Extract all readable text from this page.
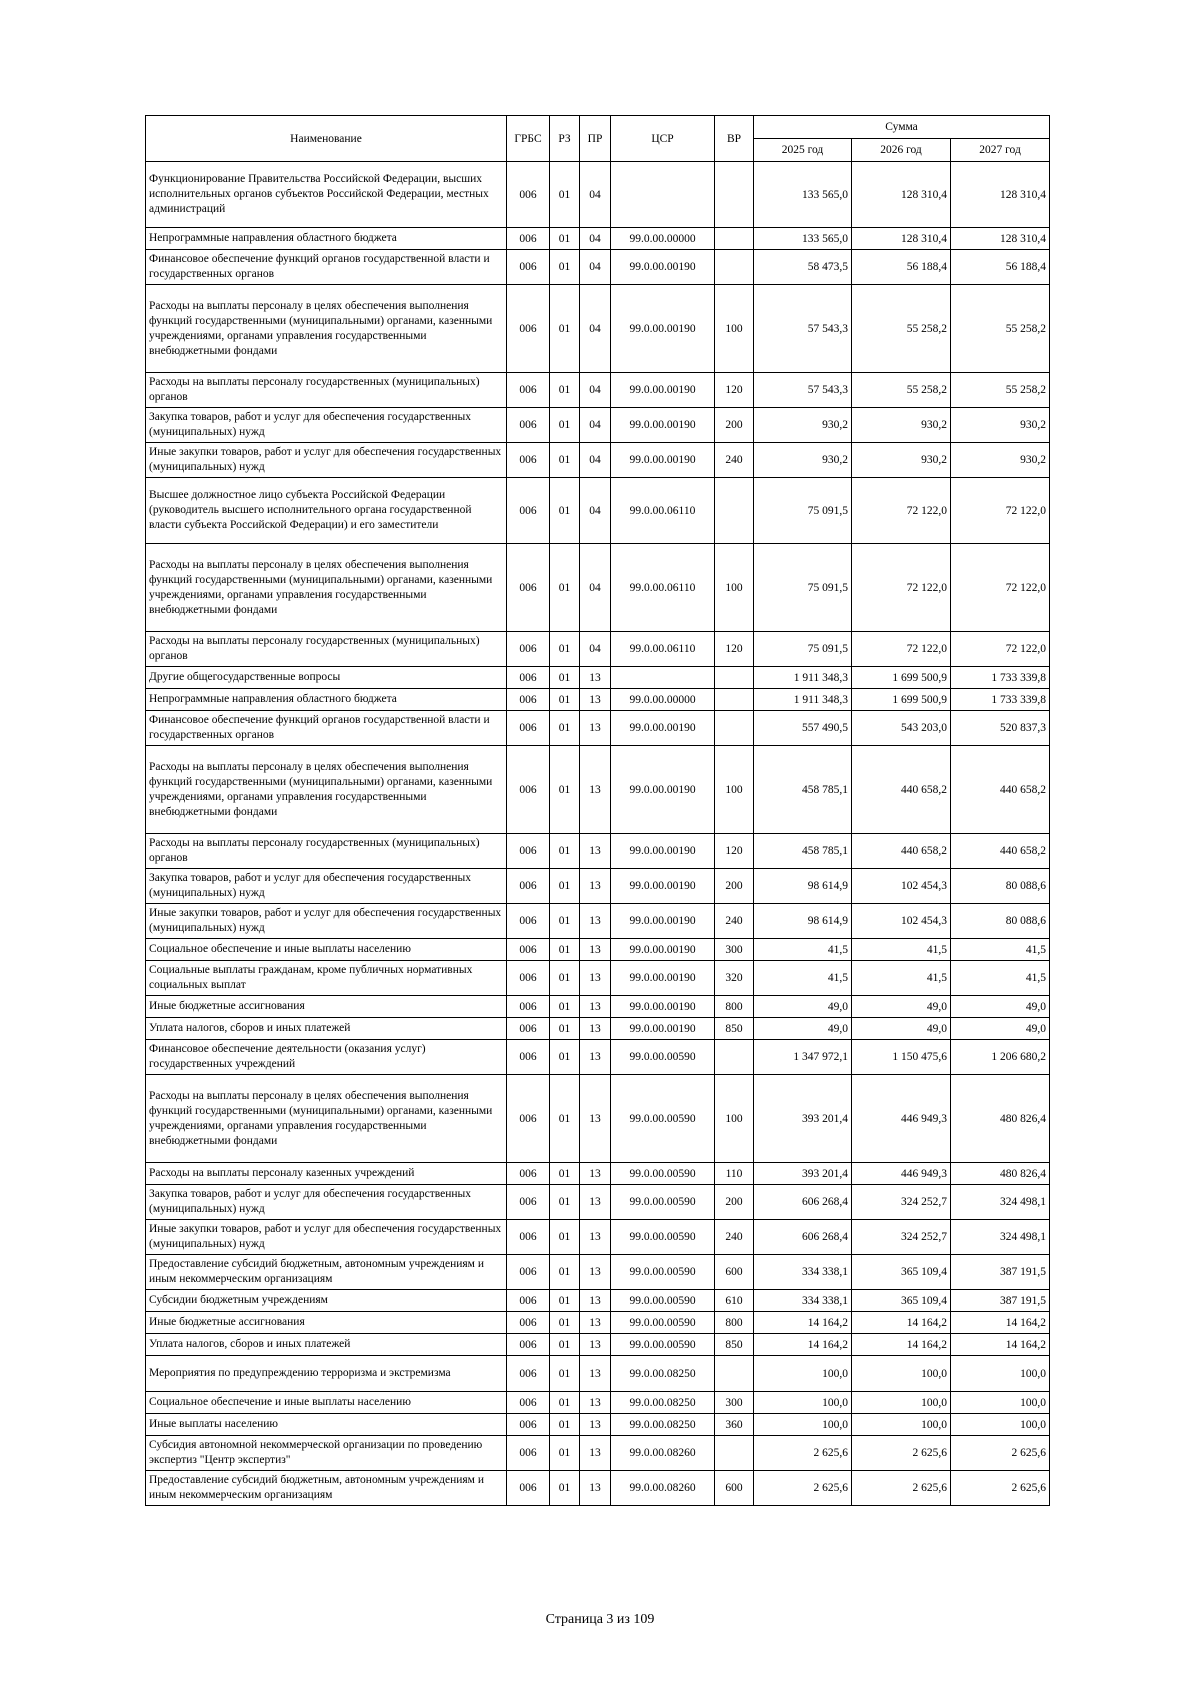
Наименование	ГРБС	РЗ	ПР	ЦСР	ВР	Сумма		
						2025 год	2026 год	2027 год
Функционирование Правительства Российской Федерации, высших исполнительных органов субъектов Российской Федерации, местных администраций	006	01	04			133 565,0	128 310,4	128 310,4
Непрограммные направления областного бюджета	006	01	04	99.0.00.00000		133 565,0	128 310,4	128 310,4
Финансовое обеспечение функций органов государственной власти и государственных органов	006	01	04	99.0.00.00190		58 473,5	56 188,4	56 188,4
Расходы на выплаты персоналу в целях обеспечения выполнения функций государственными (муниципальными) органами, казенными учреждениями, органами управления государственными внебюджетными фондами	006	01	04	99.0.00.00190	100	57 543,3	55 258,2	55 258,2
Расходы на выплаты персоналу государственных (муниципальных) органов	006	01	04	99.0.00.00190	120	57 543,3	55 258,2	55 258,2
Закупка товаров, работ и услуг для обеспечения государственных (муниципальных) нужд	006	01	04	99.0.00.00190	200	930,2	930,2	930,2
Иные закупки товаров, работ и услуг для обеспечения государственных (муниципальных) нужд	006	01	04	99.0.00.00190	240	930,2	930,2	930,2
Высшее должностное лицо субъекта Российской Федерации (руководитель высшего исполнительного органа государственной власти субъекта Российской Федерации) и его заместители	006	01	04	99.0.00.06110		75 091,5	72 122,0	72 122,0
Расходы на выплаты персоналу в целях обеспечения выполнения функций государственными (муниципальными) органами, казенными учреждениями, органами управления государственными внебюджетными фондами	006	01	04	99.0.00.06110	100	75 091,5	72 122,0	72 122,0
Расходы на выплаты персоналу государственных (муниципальных) органов	006	01	04	99.0.00.06110	120	75 091,5	72 122,0	72 122,0
Другие общегосударственные вопросы	006	01	13			1 911 348,3	1 699 500,9	1 733 339,8
Непрограммные направления областного бюджета	006	01	13	99.0.00.00000		1 911 348,3	1 699 500,9	1 733 339,8
Финансовое обеспечение функций органов государственной власти и государственных органов	006	01	13	99.0.00.00190		557 490,5	543 203,0	520 837,3
Расходы на выплаты персоналу в целях обеспечения выполнения функций государственными (муниципальными) органами, казенными учреждениями, органами управления государственными внебюджетными фондами	006	01	13	99.0.00.00190	100	458 785,1	440 658,2	440 658,2
Расходы на выплаты персоналу государственных (муниципальных) органов	006	01	13	99.0.00.00190	120	458 785,1	440 658,2	440 658,2
Закупка товаров, работ и услуг для обеспечения государственных (муниципальных) нужд	006	01	13	99.0.00.00190	200	98 614,9	102 454,3	80 088,6
Иные закупки товаров, работ и услуг для обеспечения государственных (муниципальных) нужд	006	01	13	99.0.00.00190	240	98 614,9	102 454,3	80 088,6
Социальное обеспечение и иные выплаты населению	006	01	13	99.0.00.00190	300	41,5	41,5	41,5
Социальные выплаты гражданам, кроме публичных нормативных социальных выплат	006	01	13	99.0.00.00190	320	41,5	41,5	41,5
Иные бюджетные ассигнования	006	01	13	99.0.00.00190	800	49,0	49,0	49,0
Уплата налогов, сборов и иных платежей	006	01	13	99.0.00.00190	850	49,0	49,0	49,0
Финансовое обеспечение деятельности (оказания услуг) государственных учреждений	006	01	13	99.0.00.00590		1 347 972,1	1 150 475,6	1 206 680,2
Расходы на выплаты персоналу в целях обеспечения выполнения функций государственными (муниципальными) органами, казенными учреждениями, органами управления государственными внебюджетными фондами	006	01	13	99.0.00.00590	100	393 201,4	446 949,3	480 826,4
Расходы на выплаты персоналу казенных учреждений	006	01	13	99.0.00.00590	110	393 201,4	446 949,3	480 826,4
Закупка товаров, работ и услуг для обеспечения государственных (муниципальных) нужд	006	01	13	99.0.00.00590	200	606 268,4	324 252,7	324 498,1
Иные закупки товаров, работ и услуг для обеспечения государственных (муниципальных) нужд	006	01	13	99.0.00.00590	240	606 268,4	324 252,7	324 498,1
Предоставление субсидий бюджетным, автономным учреждениям и иным некоммерческим организациям	006	01	13	99.0.00.00590	600	334 338,1	365 109,4	387 191,5
Субсидии бюджетным учреждениям	006	01	13	99.0.00.00590	610	334 338,1	365 109,4	387 191,5
Иные бюджетные ассигнования	006	01	13	99.0.00.00590	800	14 164,2	14 164,2	14 164,2
Уплата налогов, сборов и иных платежей	006	01	13	99.0.00.00590	850	14 164,2	14 164,2	14 164,2
Мероприятия по предупреждению терроризма и экстремизма	006	01	13	99.0.00.08250		100,0	100,0	100,0
Социальное обеспечение и иные выплаты населению	006	01	13	99.0.00.08250	300	100,0	100,0	100,0
Иные выплаты населению	006	01	13	99.0.00.08250	360	100,0	100,0	100,0
Субсидия автономной некоммерческой организации по проведению экспертиз "Центр экспертиз"	006	01	13	99.0.00.08260		2 625,6	2 625,6	2 625,6
Предоставление субсидий бюджетным, автономным учреждениям и иным некоммерческим организациям	006	01	13	99.0.00.08260	600	2 625,6	2 625,6	2 625,6
Страница 3 из 109
